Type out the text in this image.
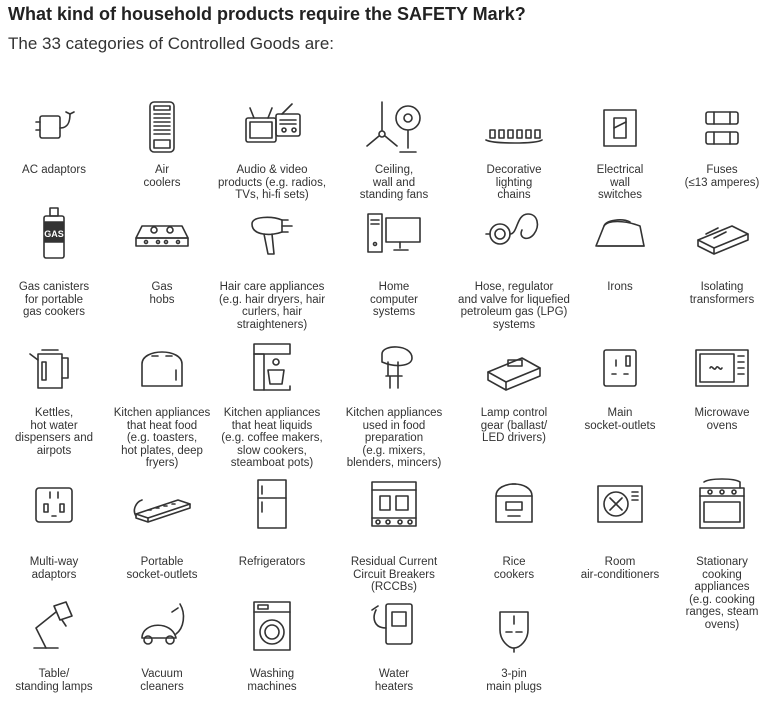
What kind of household products require the SAFETY Mark?
The 33 categories of Controlled Goods are:
AC adaptors	Air
coolers
Audio & video
products (e.g. radios,
TVs, hi-fi sets)
Ceiling,
wall and
standing fans
Decorative
lighting
chains
Electrical
wall
switches
Fuses
(≤13 amperes)
GAS
Gas canisters
for portable
gas cookers
Gas
hobs
Hair care appliances
(e.g. hair dryers, hair
curlers, hair straighteners)
Home
computer
systems
Hose, regulator
and valve for liquefied
petroleum gas (LPG)
systems
Irons	Isolating
transformers
Kettles,
hot water
dispensers and
airpots
Kitchen appliances
that heat food
(e.g. toasters,
hot plates, deep
fryers)
Kitchen appliances
that heat liquids
(e.g. coffee makers,
slow cookers,
steamboat pots)
Kitchen appliances
used in food
preparation
(e.g. mixers,
blenders, mincers)
Lamp control
gear (ballast/
LED drivers)
Main
socket-outlets
Microwave
ovens
Multi-way
adaptors
Portable
socket-outlets
Refrigerators	Residual Current
Circuit Breakers
(RCCBs)
Rice
cookers
Room
air-conditioners
Stationary
cooking
appliances
(e.g. cooking
ranges, steam
ovens)
Table/
standing lamps
Vacuum
cleaners
Washing
machines
Water
heaters
3-pin
main plugs
